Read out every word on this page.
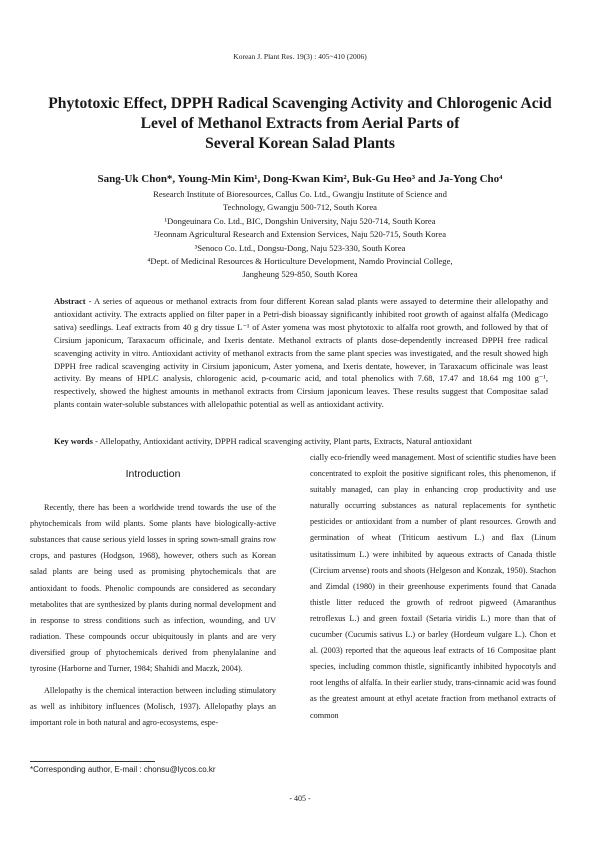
Korean J. Plant Res. 19(3) : 405~410 (2006)
Phytotoxic Effect, DPPH Radical Scavenging Activity and Chlorogenic Acid
Level of Methanol Extracts from Aerial Parts of
Several Korean Salad Plants
Sang-Uk Chon*, Young-Min Kim¹, Dong-Kwan Kim², Buk-Gu Heo³ and Ja-Yong Cho⁴
Research Institute of Bioresources, Callus Co. Ltd., Gwangju Institute of Science and
Technology, Gwangju 500-712, South Korea
¹Dongeuinara Co. Ltd., BIC, Dongshin University, Naju 520-714, South Korea
²Jeonnam Agricultural Research and Extension Services, Naju 520-715, South Korea
³Senoco Co. Ltd., Dongsu-Dong, Naju 523-330, South Korea
⁴Dept. of Medicinal Resources & Horticulture Development, Namdo Provincial College,
Jangheung 529-850, South Korea

Abstract - A series of aqueous or methanol extracts from four different Korean salad plants were assayed to determine their allelopathy and antioxidant activity. The extracts applied on filter paper in a Petri-dish bioassay significantly inhibited root growth of against alfalfa (Medicago sativa) seedlings. Leaf extracts from 40 g dry tissue L⁻¹ of Aster yomena was most phytotoxic to alfalfa root growth, and followed by that of Cirsium japonicum, Taraxacum officinale, and Ixeris dentate. Methanol extracts of plants dose-dependently increased DPPH free radical scavenging activity in vitro. Antioxidant activity of methanol extracts from the same plant species was investigated, and the result showed high DPPH free radical scavenging activity in Cirsium japonicum, Aster yomena, and Ixeris dentate, however, in Taraxacum officinale was least activity. By means of HPLC analysis, chlorogenic acid, p-coumaric acid, and total phenolics with 7.68, 17.47 and 18.64 mg 100 g⁻¹, respectively, showed the highest amounts in methanol extracts from Cirsium japonicum leaves. These results suggest that Compositae salad plants contain water-soluble substances with allelopathic potential as well as antioxidant activity.

Key words - Allelopathy, Antioxidant activity, DPPH radical scavenging activity, Plant parts, Extracts, Natural antioxidant

Introduction

Recently, there has been a worldwide trend towards the use of the phytochemicals from wild plants. Some plants have biologically-active substances that cause serious yield losses in spring sown-small grains row crops, and pastures (Hodgson, 1968), however, others such as Korean salad plants are being used as promising phytochemicals that are antioxidant to foods. Phenolic compounds are considered as secondary metabolites that are synthesized by plants during normal development and in response to stress conditions such as infection, wounding, and UV radiation. These compounds occur ubiquitously in plants and are very diversified group of phytochemicals derived from phenylalanine and tyrosine (Harborne and Turner, 1984; Shahidi and Maczk, 2004).

Allelopathy is the chemical interaction between including stimulatory as well as inhibitory influences (Molisch, 1937). Allelopathy plays an important role in both natural and agro-ecosystems, espe-

cially eco-friendly weed management. Most of scientific studies have been concentrated to exploit the positive significant roles, this phenomenon, if suitably managed, can play in enhancing crop productivity and use naturally occurring substances as natural replacements for synthetic pesticides or antioxidant from a number of plant resources. Growth and germination of wheat (Triticum aestivum L.) and flax (Linum usitatissimum L.) were inhibited by aqueous extracts of Canada thistle (Circium arvense) roots and shoots (Helgeson and Konzak, 1950). Stachon and Zimdal (1980) in their greenhouse experiments found that Canada thistle litter reduced the growth of redroot pigweed (Amaranthus retroflexus L.) and green foxtail (Setaria viridis L.) more than that of cucumber (Cucumis sativus L.) or barley (Hordeum vulgare L.). Chon et al. (2003) reported that the aqueous leaf extracts of 16 Compositae plant species, including common thistle, significantly inhibited hypocotyls and root lengths of alfalfa. In their earlier study, trans-cinnamic acid was found as the greatest amount at ethyl acetate fraction from methanol extracts of common

*Corresponding author, E-mail : chonsu@lycos.co.kr
- 405 -
